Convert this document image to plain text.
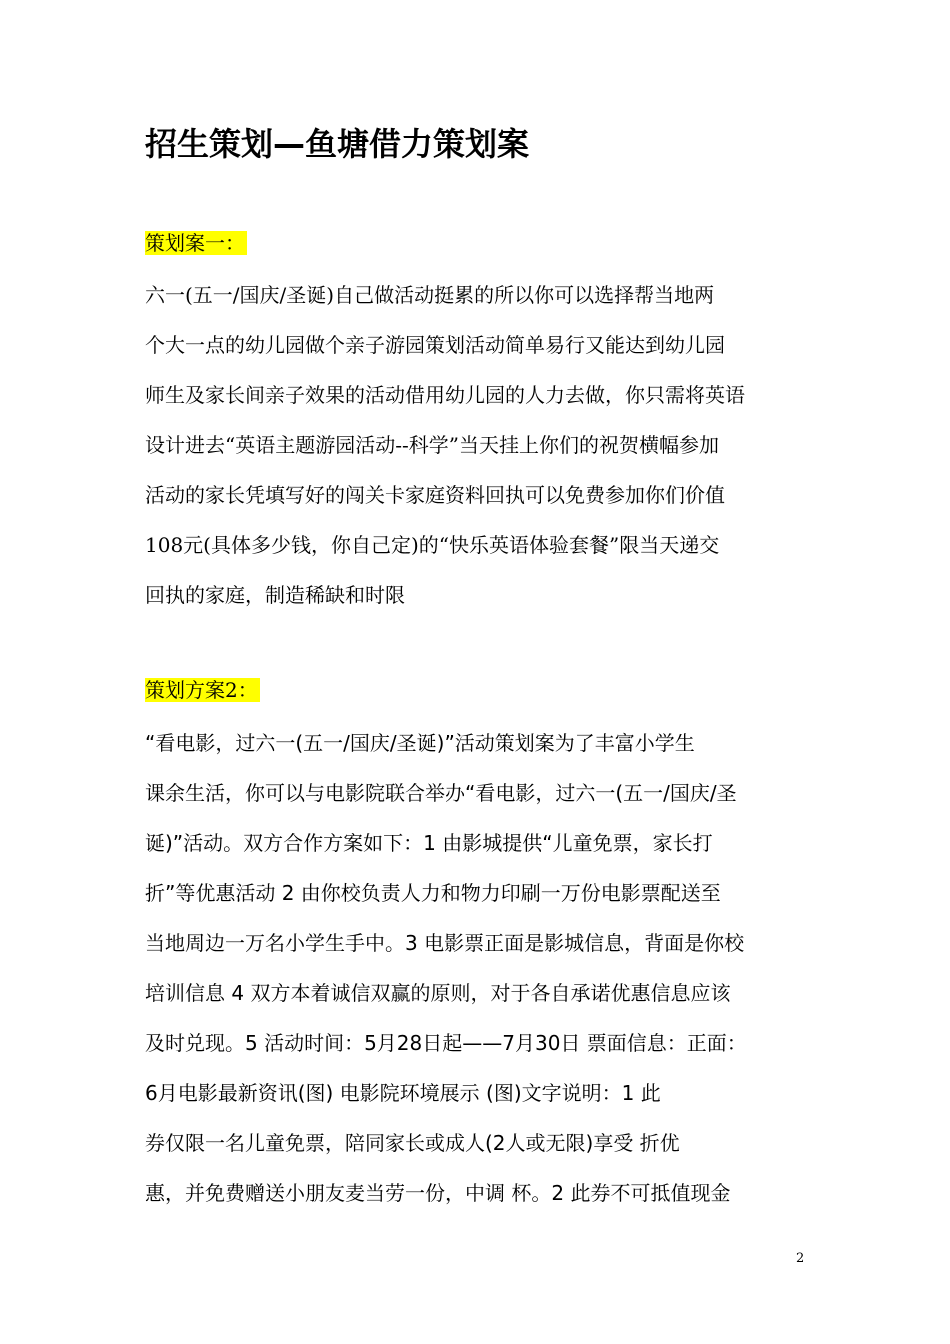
招生策划—鱼塘借力策划案
策划案一：
六一(五一/国庆/圣诞)自己做活动挺累的所以你可以选择帮当地两
个大一点的幼儿园做个亲子游园策划活动简单易行又能达到幼儿园
师生及家长间亲子效果的活动借用幼儿园的人力去做，你只需将英语
设计进去“英语主题游园活动--科学”当天挂上你们的祝贺横幅参加
活动的家长凭填写好的闯关卡家庭资料回执可以免费参加你们价值
108元(具体多少钱，你自己定)的“快乐英语体验套餐”限当天递交
回执的家庭，制造稀缺和时限
策划方案2：
“看电影，过六一(五一/国庆/圣诞)”活动策划案为了丰富小学生
课余生活，你可以与电影院联合举办“看电影，过六一(五一/国庆/圣
诞)”活动。双方合作方案如下：1 由影城提供“儿童免票，家长打
折”等优惠活动 2 由你校负责人力和物力印刷一万份电影票配送至
当地周边一万名小学生手中。3 电影票正面是影城信息，背面是你校
培训信息 4 双方本着诚信双赢的原则，对于各自承诺优惠信息应该
及时兑现。5 活动时间：5月28日起——7月30日 票面信息：正面：
6月电影最新资讯(图) 电影院环境展示 (图)文字说明：1 此
券仅限一名儿童免票，陪同家长或成人(2人或无限)享受 折优
惠，并免费赠送小朋友麦当劳一份，中调 杯。2 此券不可抵值现金
2
